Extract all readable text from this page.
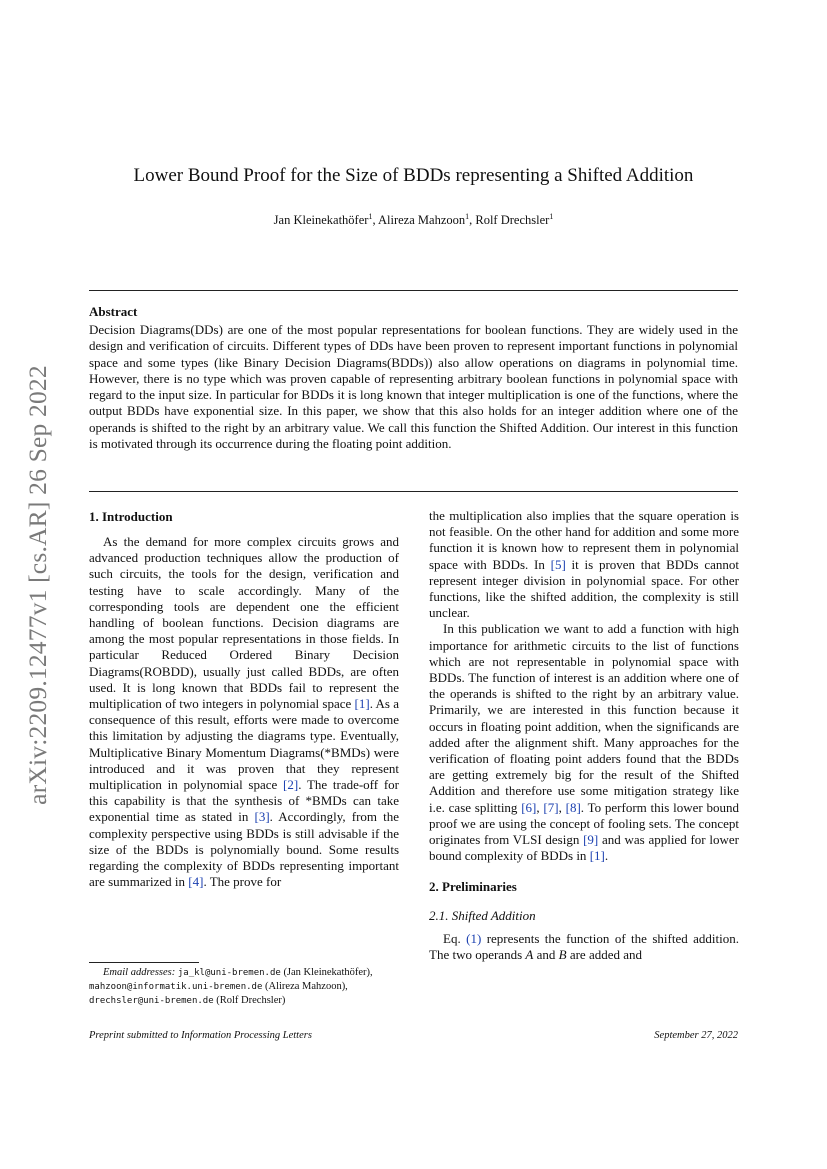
arXiv:2209.12477v1 [cs.AR] 26 Sep 2022
Lower Bound Proof for the Size of BDDs representing a Shifted Addition
Jan Kleinekathöfer$^1$, Alireza Mahzoon$^1$, Rolf Drechsler$^1$
Abstract

Decision Diagrams(DDs) are one of the most popular representations for boolean functions. They are widely used in the design and verification of circuits. Different types of DDs have been proven to represent important functions in polynomial space and some types (like Binary Decision Diagrams(BDDs)) also allow operations on diagrams in polynomial time. However, there is no type which was proven capable of representing arbitrary boolean functions in polynomial space with regard to the input size. In particular for BDDs it is long known that integer multiplication is one of the functions, where the output BDDs have exponential size. In this paper, we show that this also holds for an integer addition where one of the operands is shifted to the right by an arbitrary value. We call this function the Shifted Addition. Our interest in this function is motivated through its occurrence during the floating point addition.

1. Introduction

As the demand for more complex circuits grows and advanced production techniques allow the production of such circuits, the tools for the design, verification and testing have to scale accordingly. Many of the corresponding tools are dependent one the efficient handling of boolean functions. Decision diagrams are among the most popular representations in those fields. In particular Reduced Ordered Binary Decision Diagrams(ROBDD), usually just called BDDs, are often used. It is long known that BDDs fail to represent the multiplication of two integers in polynomial space [1]. As a consequence of this result, efforts were made to overcome this limitation by adjusting the diagrams type. Eventually, Multiplicative Binary Momentum Diagrams(*BMDs) were introduced and it was proven that they represent multiplication in polynomial space [2]. The trade-off for this capability is that the synthesis of *BMDs can take exponential time as stated in [3]. Accordingly, from the complexity perspective using BDDs is still advisable if the size of the BDDs is polynomially bound. Some results regarding the complexity of BDDs representing important are summarized in [4]. The prove for

the multiplication also implies that the square operation is not feasible. On the other hand for addition and some more function it is known how to represent them in polynomial space with BDDs. In [5] it is proven that BDDs cannot represent integer division in polynomial space. For other functions, like the shifted addition, the complexity is still unclear.

In this publication we want to add a function with high importance for arithmetic circuits to the list of functions which are not representable in polynomial space with BDDs. The function of interest is an addition where one of the operands is shifted to the right by an arbitrary value. Primarily, we are interested in this function because it occurs in floating point addition, when the significands are added after the alignment shift. Many approaches for the verification of floating point adders found that the BDDs are getting extremely big for the result of the Shifted Addition and therefore use some mitigation strategy like i.e. case splitting [6], [7], [8]. To perform this lower bound proof we are using the concept of fooling sets. The concept originates from VLSI design [9] and was applied for lower bound complexity of BDDs in [1].

2. Preliminaries
2.1. Shifted Addition

Eq. (1) represents the function of the shifted addition. The two operands A and B are added and

Email addresses: ja_kl@uni-bremen.de (Jan Kleinekathöfer), mahzoon@informatik.uni-bremen.de (Alireza Mahzoon), drechsler@uni-bremen.de (Rolf Drechsler)

Preprint submitted to Information Processing Letters	September 27, 2022
